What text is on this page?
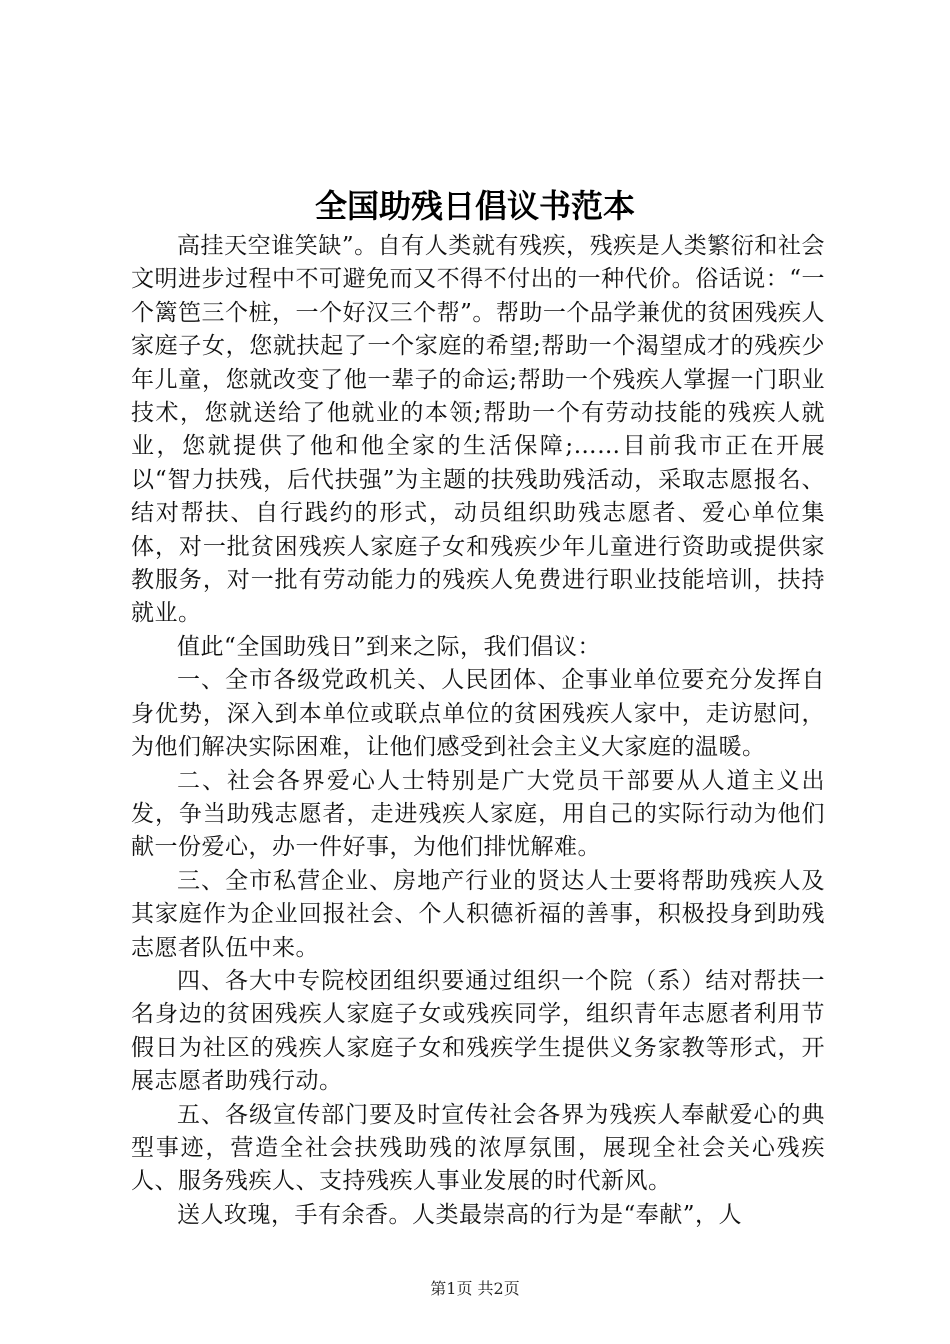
全国助残日倡议书范本

高挂天空谁笑缺”。自有人类就有残疾，残疾是人类繁衍和社会文明进步过程中不可避免而又不得不付出的一种代价。俗话说：“一个篱笆三个桩，一个好汉三个帮”。帮助一个品学兼优的贫困残疾人家庭子女，您就扶起了一个家庭的希望;帮助一个渴望成才的残疾少年儿童，您就改变了他一辈子的命运;帮助一个残疾人掌握一门职业技术，您就送给了他就业的本领;帮助一个有劳动技能的残疾人就业，您就提供了他和他全家的生活保障;……目前我市正在开展以“智力扶残，后代扶强”为主题的扶残助残活动，采取志愿报名、结对帮扶、自行践约的形式，动员组织助残志愿者、爱心单位集体，对一批贫困残疾人家庭子女和残疾少年儿童进行资助或提供家教服务，对一批有劳动能力的残疾人免费进行职业技能培训，扶持就业。

值此“全国助残日”到来之际，我们倡议：

一、全市各级党政机关、人民团体、企事业单位要充分发挥自身优势，深入到本单位或联点单位的贫困残疾人家中，走访慰问，为他们解决实际困难，让他们感受到社会主义大家庭的温暖。

二、社会各界爱心人士特别是广大党员干部要从人道主义出发，争当助残志愿者，走进残疾人家庭，用自己的实际行动为他们献一份爱心，办一件好事，为他们排忧解难。

三、全市私营企业、房地产行业的贤达人士要将帮助残疾人及其家庭作为企业回报社会、个人积德祈福的善事，积极投身到助残志愿者队伍中来。

四、各大中专院校团组织要通过组织一个院（系）结对帮扶一名身边的贫困残疾人家庭子女或残疾同学，组织青年志愿者利用节假日为社区的残疾人家庭子女和残疾学生提供义务家教等形式，开展志愿者助残行动。

五、各级宣传部门要及时宣传社会各界为残疾人奉献爱心的典型事迹，营造全社会扶残助残的浓厚氛围，展现全社会关心残疾人、服务残疾人、支持残疾人事业发展的时代新风。

送人玫瑰，手有余香。人类最崇高的行为是“奉献”，人

第1页 共2页
